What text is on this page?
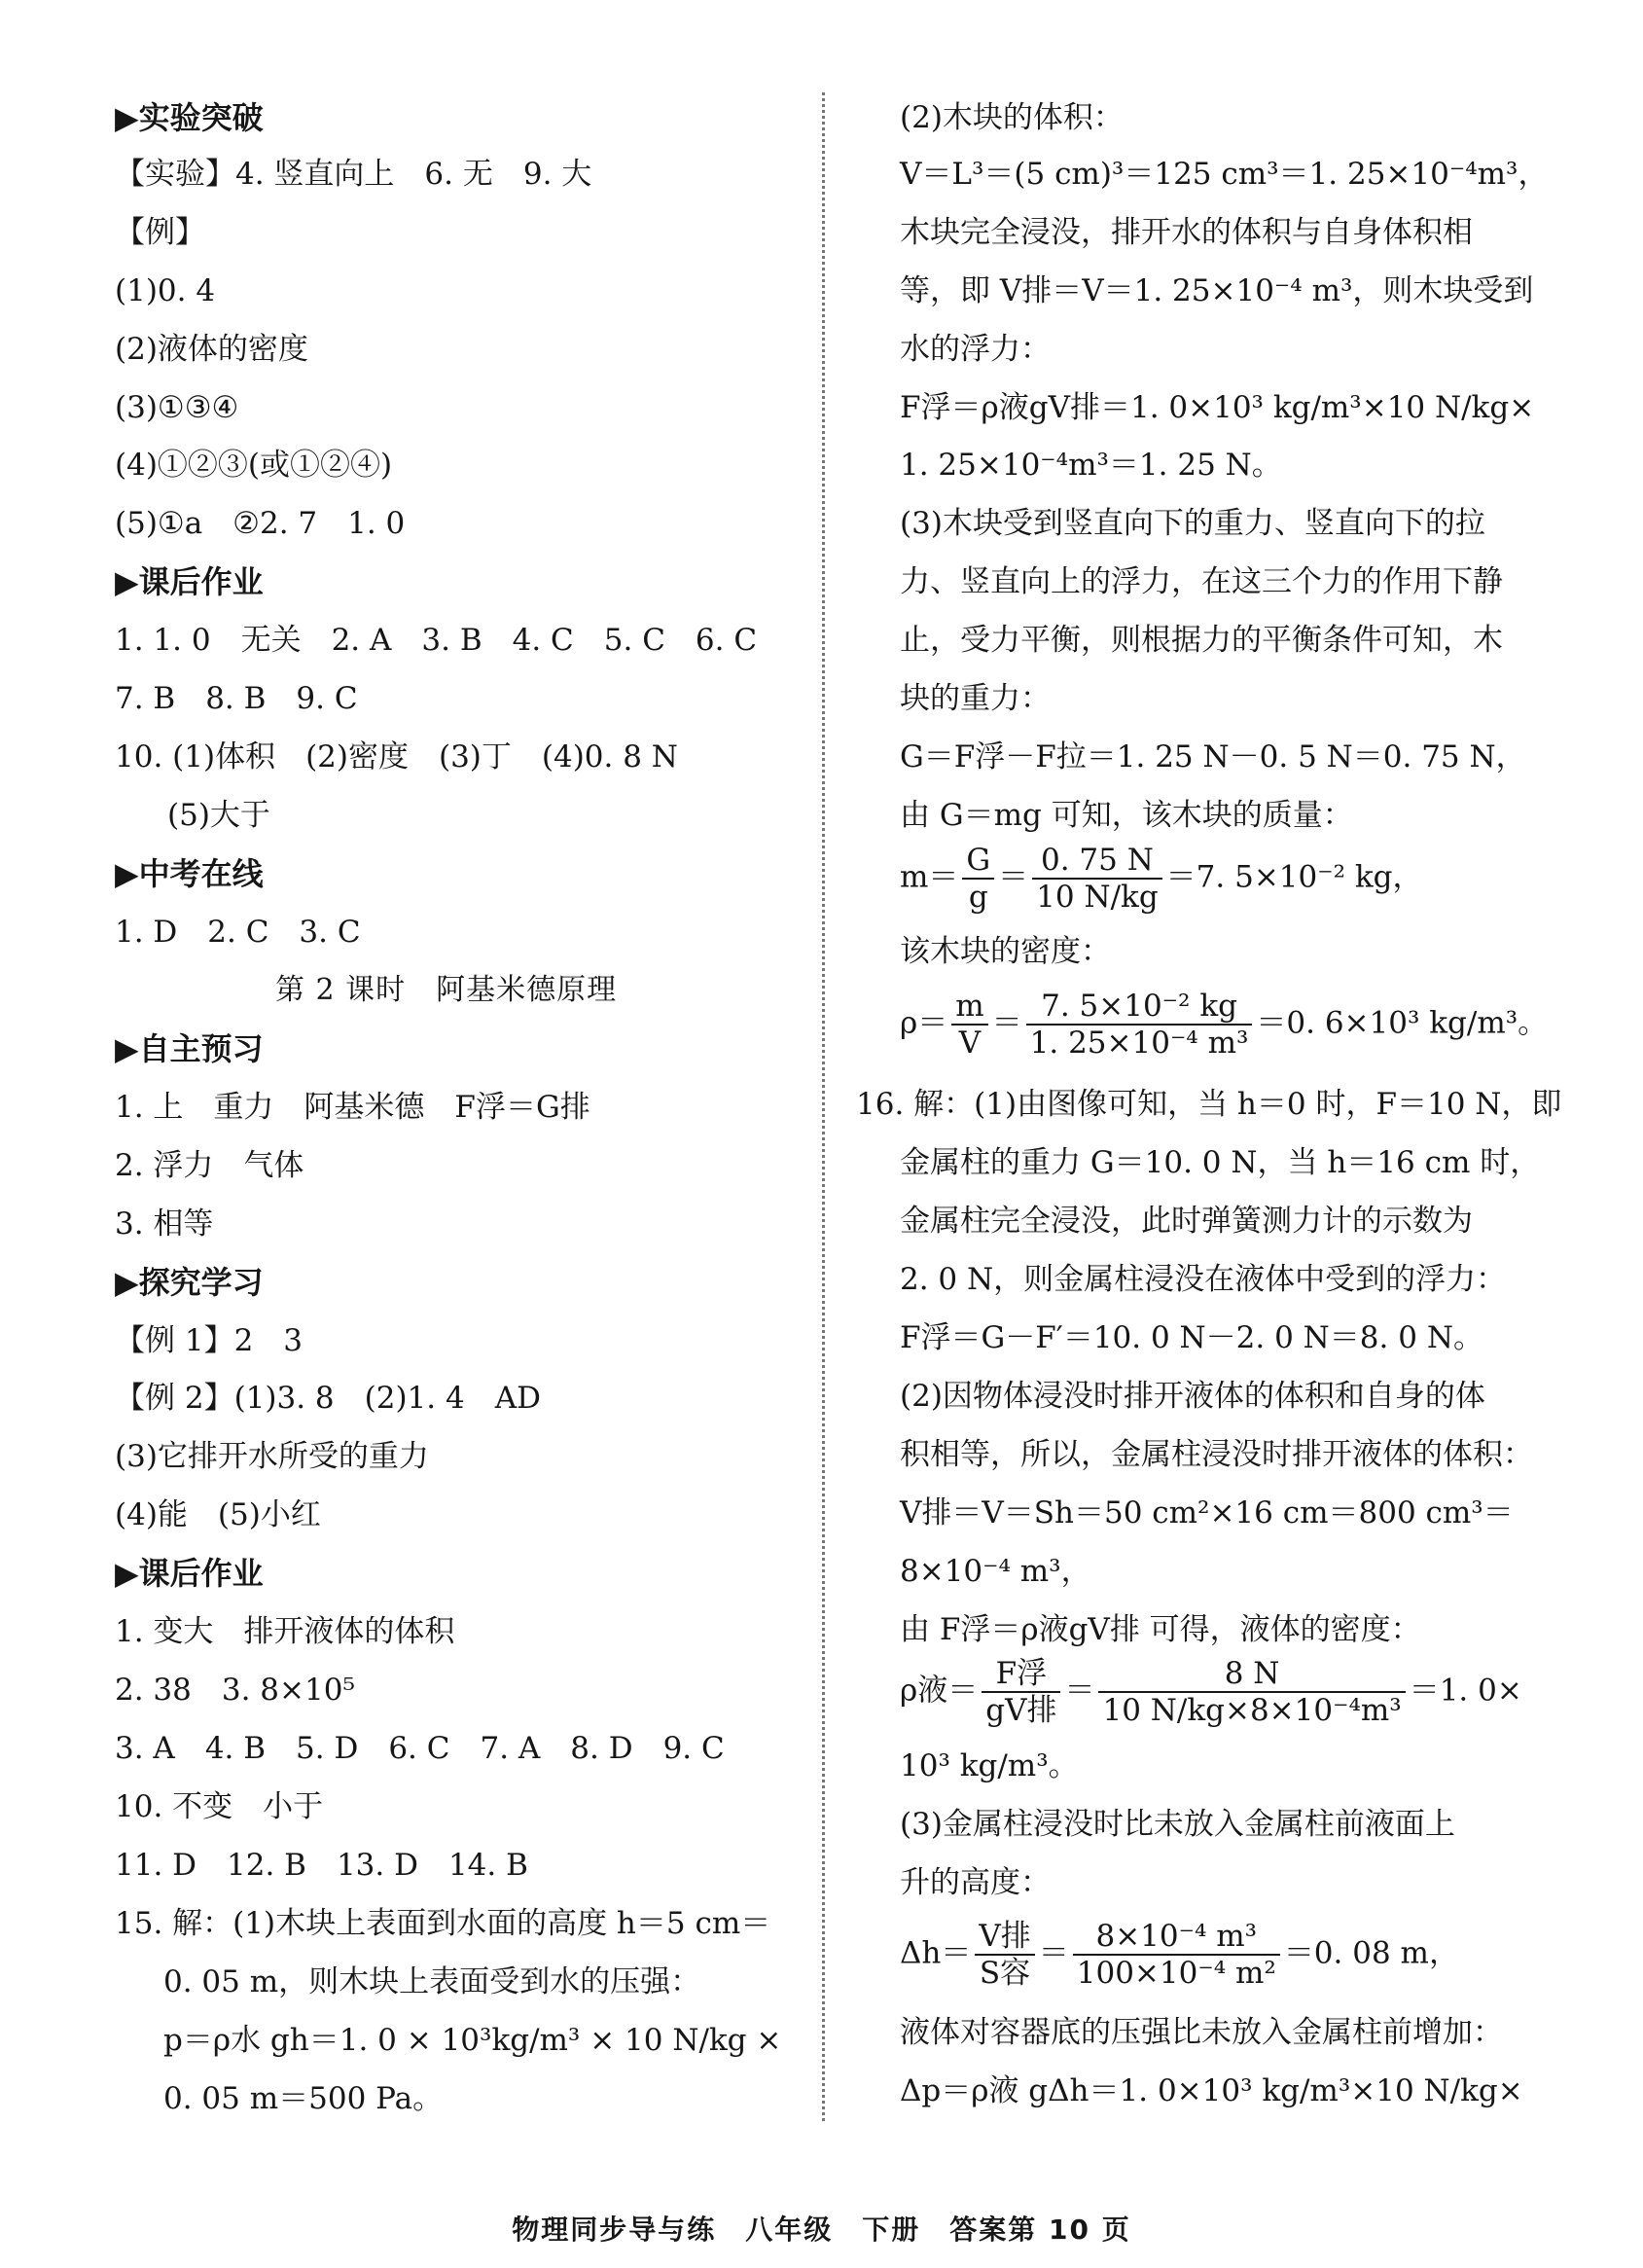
▶实验突破
【实验】4. 竖直向上　6. 无　9. 大
【例】
(1)0. 4
(2)液体的密度
(3)①③④
(4)①②③(或①②④)
(5)①a　②2. 7　1. 0
▶课后作业
1. 1. 0　无关　2. A　3. B　4. C　5. C　6. C
7. B　8. B　9. C
10. (1)体积　(2)密度　(3)丁　(4)0. 8 N
(5)大于
▶中考在线
1. D　2. C　3. C
第 2 课时　阿基米德原理
▶自主预习
1. 上　重力　阿基米德　F浮＝G排
2. 浮力　气体
3. 相等
▶探究学习
【例 1】2　3
【例 2】(1)3. 8　(2)1. 4　AD
(3)它排开水所受的重力
(4)能　(5)小红
▶课后作业
1. 变大　排开液体的体积
2. 38　3. 8×10⁵
3. A　4. B　5. D　6. C　7. A　8. D　9. C
10. 不变　小于
11. D　12. B　13. D　14. B
15. 解：(1)木块上表面到水面的高度 h＝5 cm＝
0. 05 m，则木块上表面受到水的压强：
p＝ρ水 gh＝1. 0 × 10³kg/m³ × 10 N/kg ×
0. 05 m＝500 Pa。
(2)木块的体积：
V＝L³＝(5 cm)³＝125 cm³＝1. 25×10⁻⁴m³，
木块完全浸没，排开水的体积与自身体积相
等，即 V排＝V＝1. 25×10⁻⁴ m³，则木块受到
水的浮力：
F浮＝ρ液gV排＝1. 0×10³ kg/m³×10 N/kg×
1. 25×10⁻⁴m³＝1. 25 N。
(3)木块受到竖直向下的重力、竖直向下的拉
力、竖直向上的浮力，在这三个力的作用下静
止，受力平衡，则根据力的平衡条件可知，木
块的重力：
G＝F浮－F拉＝1. 25 N－0. 5 N＝0. 75 N，
由 G＝mg 可知，该木块的质量：
$m= \frac{G}{g} = \frac{0. 75 N}{10 N/kg} =7$. 5×10⁻² kg，
该木块的密度：
$\rho= \frac{m}{V} = \frac{\text{7. 5×10⁻² kg}}{\text{1. 25×10⁻⁴ m³}} =0$. 6×10³ kg/m³。
16. 解：(1)由图像可知，当 h＝0 时，F＝10 N，即
金属柱的重力 G＝10. 0 N，当 h＝16 cm 时，
金属柱完全浸没，此时弹簧测力计的示数为
2. 0 N，则金属柱浸没在液体中受到的浮力：
F浮＝G－F′＝10. 0 N－2. 0 N＝8. 0 N。
(2)因物体浸没时排开液体的体积和自身的体
积相等，所以，金属柱浸没时排开液体的体积：
V排＝V＝Sh＝50 cm²×16 cm＝800 cm³＝
8×10⁻⁴ m³，
由 F浮＝ρ液gV排 可得，液体的密度：
ρ液＝ $\frac{\text{F浮}}{\text{gV排}} = \frac{8 N}{\text{10 N/kg×8×10⁻⁴m³}} =1$. 0×
10³ kg/m³。
(3)金属柱浸没时比未放入金属柱前液面上
升的高度：
$\Delta h= \frac{\text{V排}}{\text{S容}} = \frac{\text{8×10⁻⁴ m³}}{\text{100×10⁻⁴ m²}} =0$. 08 m，
液体对容器底的压强比未放入金属柱前增加：
Δp＝ρ液 gΔh＝1. 0×10³ kg/m³×10 N/kg×
物理同步导与练　八年级　下册　答案第 10 页
